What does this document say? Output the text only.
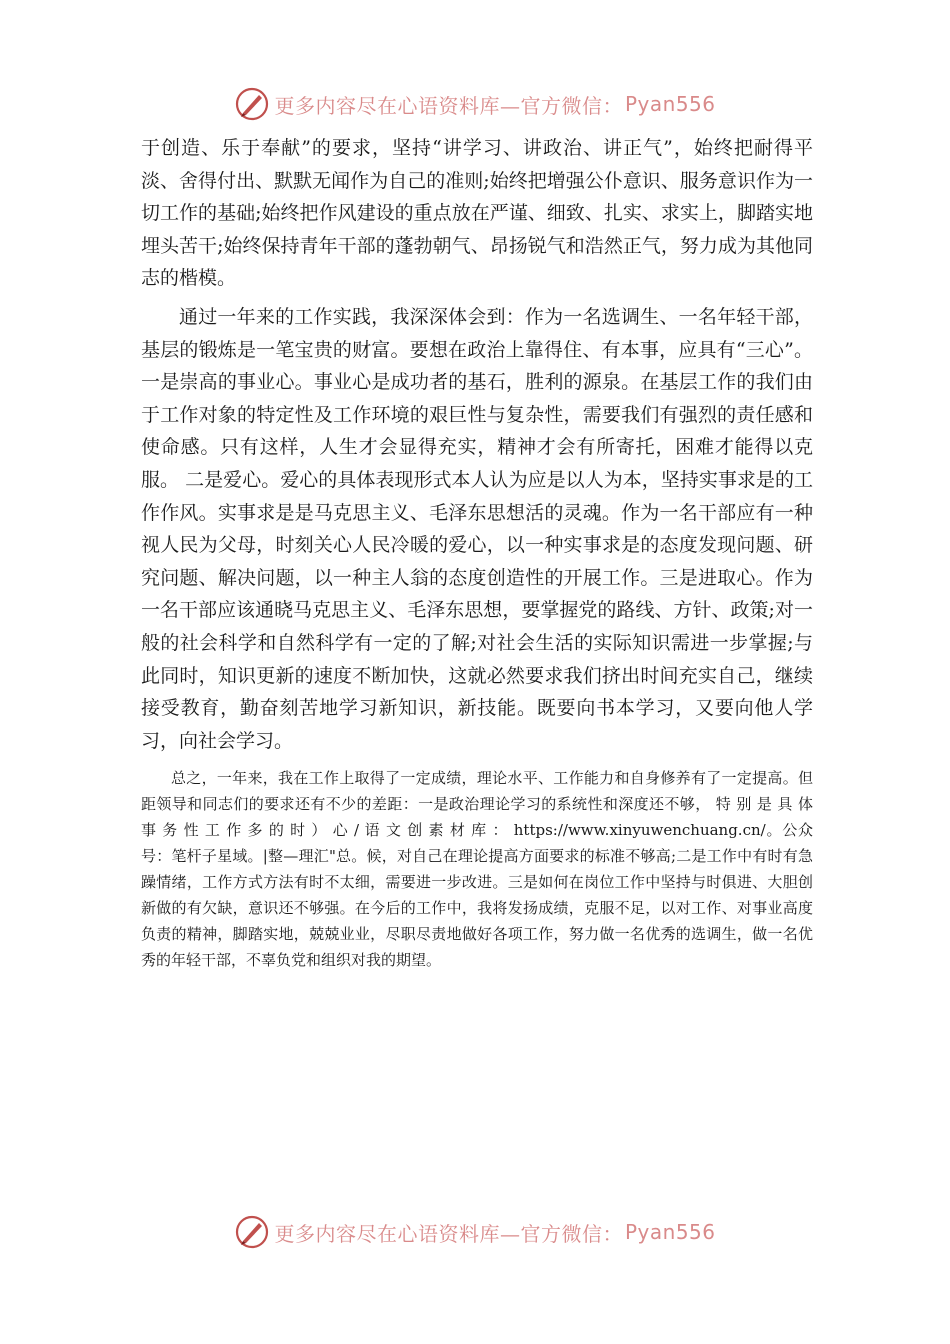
更多内容尽在心语资料库—官方微信： Pyan556

于创造、乐于奉献”的要求，坚持“讲学习、讲政治、讲正气”，始终把耐得平淡、舍得付出、默默无闻作为自己的准则;始终把增强公仆意识、服务意识作为一切工作的基础;始终把作风建设的重点放在严谨、细致、扎实、求实上，脚踏实地埋头苦干;始终保持青年干部的蓬勃朝气、昂扬锐气和浩然正气，努力成为其他同志的楷模。

通过一年来的工作实践，我深深体会到：作为一名选调生、一名年轻干部，基层的锻炼是一笔宝贵的财富。要想在政治上靠得住、有本事，应具有“三心”。一是崇高的事业心。事业心是成功者的基石，胜利的源泉。在基层工作的我们由于工作对象的特定性及工作环境的艰巨性与复杂性，需要我们有强烈的责任感和使命感。只有这样，人生才会显得充实，精神才会有所寄托，困难才能得以克服。 二是爱心。爱心的具体表现形式本人认为应是以人为本，坚持实事求是的工作作风。实事求是是马克思主义、毛泽东思想活的灵魂。作为一名干部应有一种视人民为父母，时刻关心人民冷暖的爱心，以一种实事求是的态度发现问题、研究问题、解决问题，以一种主人翁的态度创造性的开展工作。三是进取心。作为一名干部应该通晓马克思主义、毛泽东思想，要掌握党的路线、方针、政策;对一般的社会科学和自然科学有一定的了解;对社会生活的实际知识需进一步掌握;与此同时，知识更新的速度不断加快，这就必然要求我们挤出时间充实自己，继续接受教育，勤奋刻苦地学习新知识，新技能。既要向书本学习，又要向他人学习，向社会学习。

总之，一年来，我在工作上取得了一定成绩，理论水平、工作能力和自身修养有了一定提高。但距领导和同志们的要求还有不少的差距：一是政治理论学习的系统性和深度还不够， 特 别 是 具 体 事 务 性 工 作 多 的 时 ） 心 / 语 文 创 素 材 库 ： https://www.xinyuwenchuang.cn/。公众号：笔杆子星域。|整—理汇"总。候，对自己在理论提高方面要求的标准不够高;二是工作中有时有急躁情绪，工作方式方法有时不太细，需要进一步改进。三是如何在岗位工作中坚持与时俱进、大胆创新做的有欠缺，意识还不够强。在今后的工作中，我将发扬成绩，克服不足，以对工作、对事业高度负责的精神，脚踏实地，兢兢业业，尽职尽责地做好各项工作，努力做一名优秀的选调生，做一名优秀的年轻干部，不辜负党和组织对我的期望。

更多内容尽在心语资料库—官方微信： Pyan556
